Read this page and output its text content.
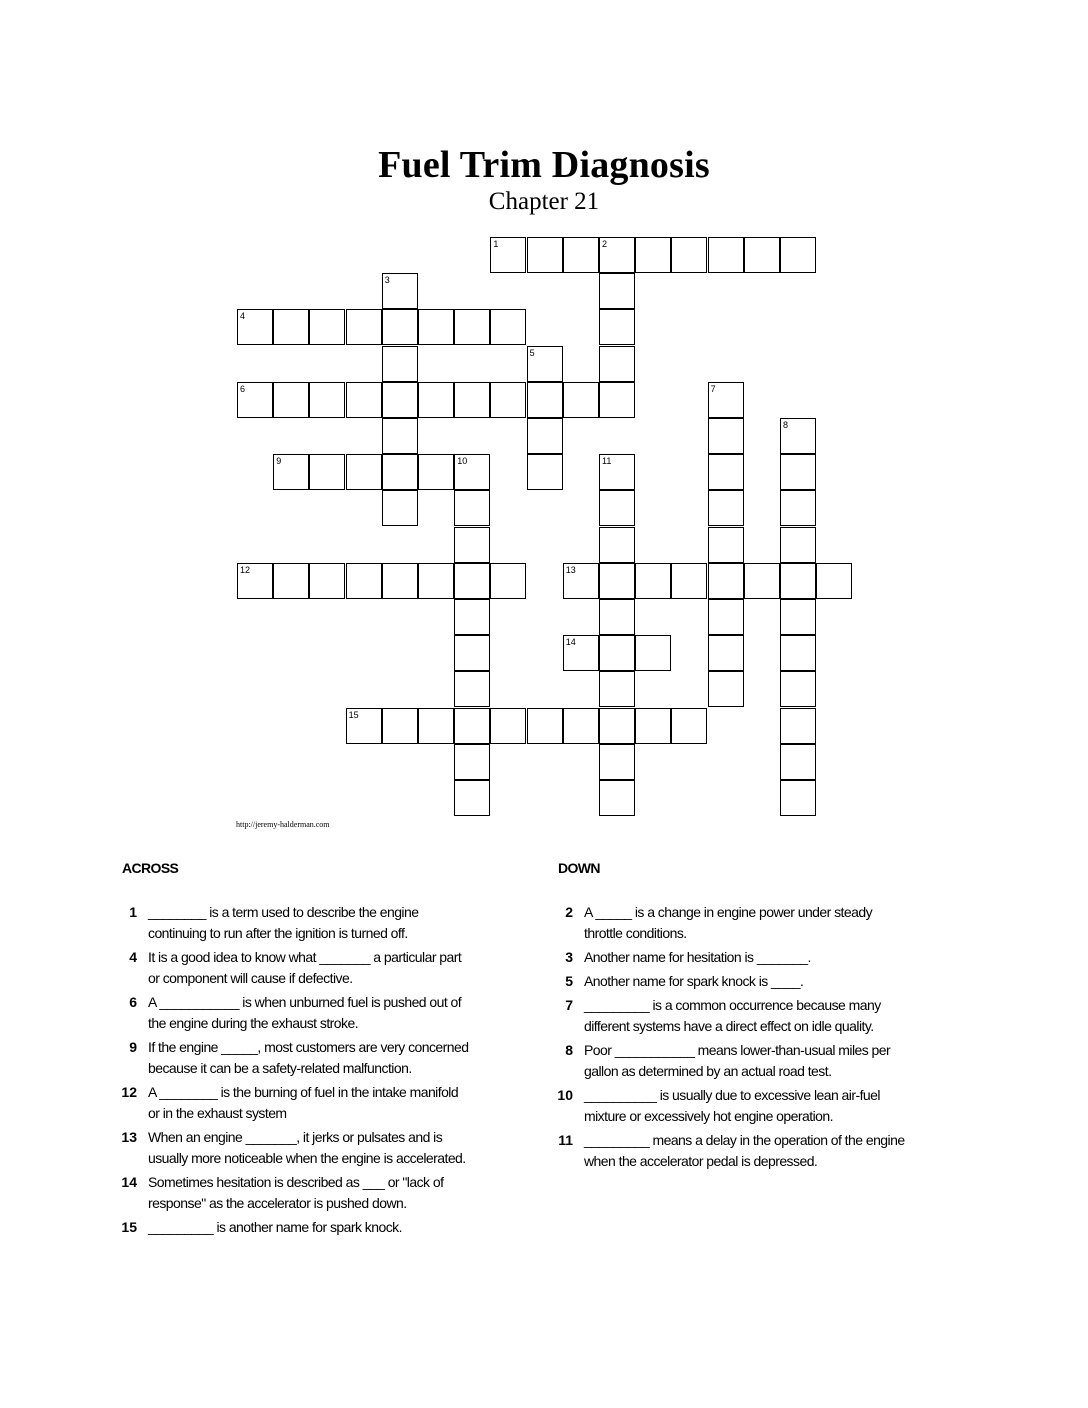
Fuel Trim Diagnosis
Chapter 21
1	2
3
4
5
6	7
8
9	10	11
12	13
14
15
http://jeremy-halderman.com
ACROSS	DOWN
1 ________ is a term used to describe the engine continuing to run after the ignition is turned off.
4 It is a good idea to know what _______ a particular part or component will cause if defective.
6 A ___________ is when unburned fuel is pushed out of the engine during the exhaust stroke.
9 If the engine _____, most customers are very concerned because it can be a safety-related malfunction.
12 A ________ is the burning of fuel in the intake manifold or in the exhaust system
13 When an engine _______, it jerks or pulsates and is usually more noticeable when the engine is accelerated.
14 Sometimes hesitation is described as ___ or "lack of response" as the accelerator is pushed down.
15 _________ is another name for spark knock.
2 A _____ is a change in engine power under steady throttle conditions.
3 Another name for hesitation is _______.
5 Another name for spark knock is ____.
7 _________ is a common occurrence because many different systems have a direct effect on idle quality.
8 Poor ___________ means lower-than-usual miles per gallon as determined by an actual road test.
10 __________ is usually due to excessive lean air-fuel mixture or excessively hot engine operation.
11 _________ means a delay in the operation of the engine when the accelerator pedal is depressed.
